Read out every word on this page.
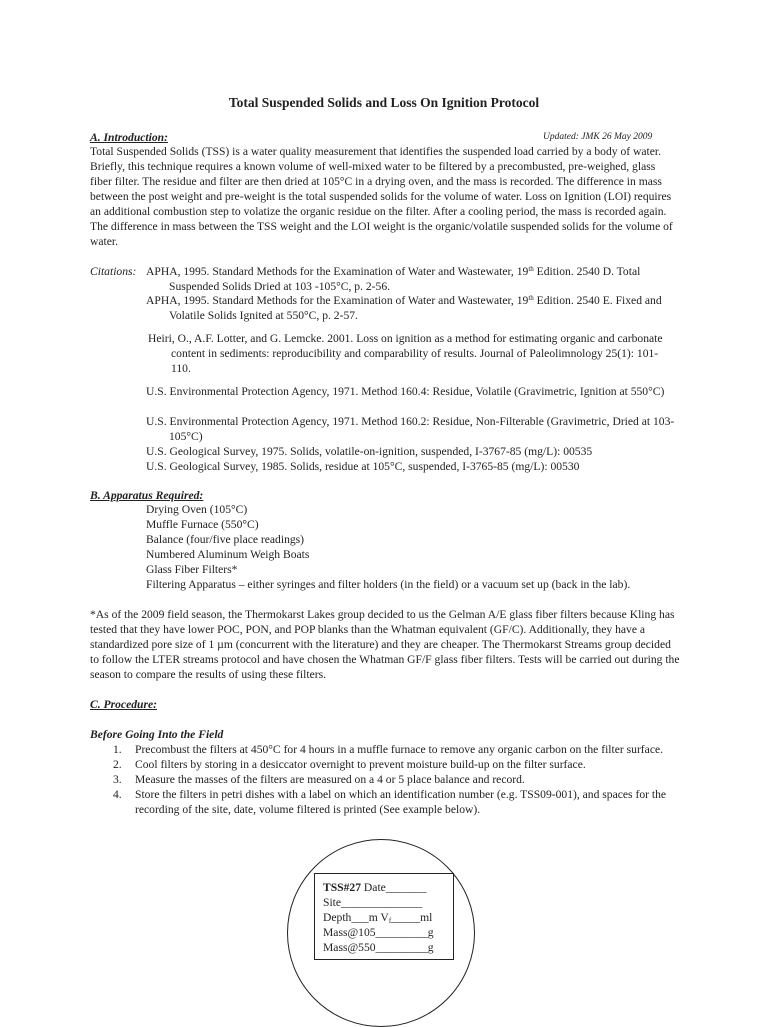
Total Suspended Solids and Loss On Ignition Protocol
A. Introduction:	Updated: JMK 26 May 2009

Total Suspended Solids (TSS) is a water quality measurement that identifies the suspended load carried by a body of water. Briefly, this technique requires a known volume of well-mixed water to be filtered by a precombusted, pre-weighed, glass fiber filter. The residue and filter are then dried at 105°C in a drying oven, and the mass is recorded. The difference in mass between the post weight and pre-weight is the total suspended solids for the volume of water. Loss on Ignition (LOI) requires an additional combustion step to volatize the organic residue on the filter. After a cooling period, the mass is recorded again. The difference in mass between the TSS weight and the LOI weight is the organic/volatile suspended solids for the volume of water.

Citations: APHA, 1995. Standard Methods for the Examination of Water and Wastewater, 19th Edition. 2540 D. Total Suspended Solids Dried at 103 -105°C, p. 2-56.
APHA, 1995. Standard Methods for the Examination of Water and Wastewater, 19th Edition. 2540 E. Fixed and Volatile Solids Ignited at 550°C, p. 2-57.
Heiri, O., A.F. Lotter, and G. Lemcke. 2001. Loss on ignition as a method for estimating organic and carbonate content in sediments: reproducibility and comparability of results. Journal of Paleolimnology 25(1): 101-110.
U.S. Environmental Protection Agency, 1971. Method 160.4: Residue, Volatile (Gravimetric, Ignition at 550°C)
U.S. Environmental Protection Agency, 1971. Method 160.2: Residue, Non-Filterable (Gravimetric, Dried at 103-105°C)
U.S. Geological Survey, 1975. Solids, volatile-on-ignition, suspended, I-3767-85 (mg/L): 00535
U.S. Geological Survey, 1985. Solids, residue at 105°C, suspended, I-3765-85 (mg/L): 00530
B. Apparatus Required:
Drying Oven (105°C)
Muffle Furnace (550°C)
Balance (four/five place readings)
Numbered Aluminum Weigh Boats
Glass Fiber Filters*
Filtering Apparatus – either syringes and filter holders (in the field) or a vacuum set up (back in the lab).

*As of the 2009 field season, the Thermokarst Lakes group decided to us the Gelman A/E glass fiber filters because Kling has tested that they have lower POC, PON, and POP blanks than the Whatman equivalent (GF/C). Additionally, they have a standardized pore size of 1 µm (concurrent with the literature) and they are cheaper. The Thermokarst Streams group decided to follow the LTER streams protocol and have chosen the Whatman GF/F glass fiber filters. Tests will be carried out during the season to compare the results of using these filters.

C. Procedure:
Before Going Into the Field
1. Precombust the filters at 450°C for 4 hours in a muffle furnace to remove any organic carbon on the filter surface.
2. Cool filters by storing in a desiccator overnight to prevent moisture build-up on the filter surface.
3. Measure the masses of the filters are measured on a 4 or 5 place balance and record.
4. Store the filters in petri dishes with a label on which an identification number (e.g. TSS09-001), and spaces for the recording of the site, date, volume filtered is printed (See example below).
TSS#27 Date_______
Site______________
Depth___m $V_f\_\_\_\_\_ml$
Mass@105_________g
Mass@550_________g
